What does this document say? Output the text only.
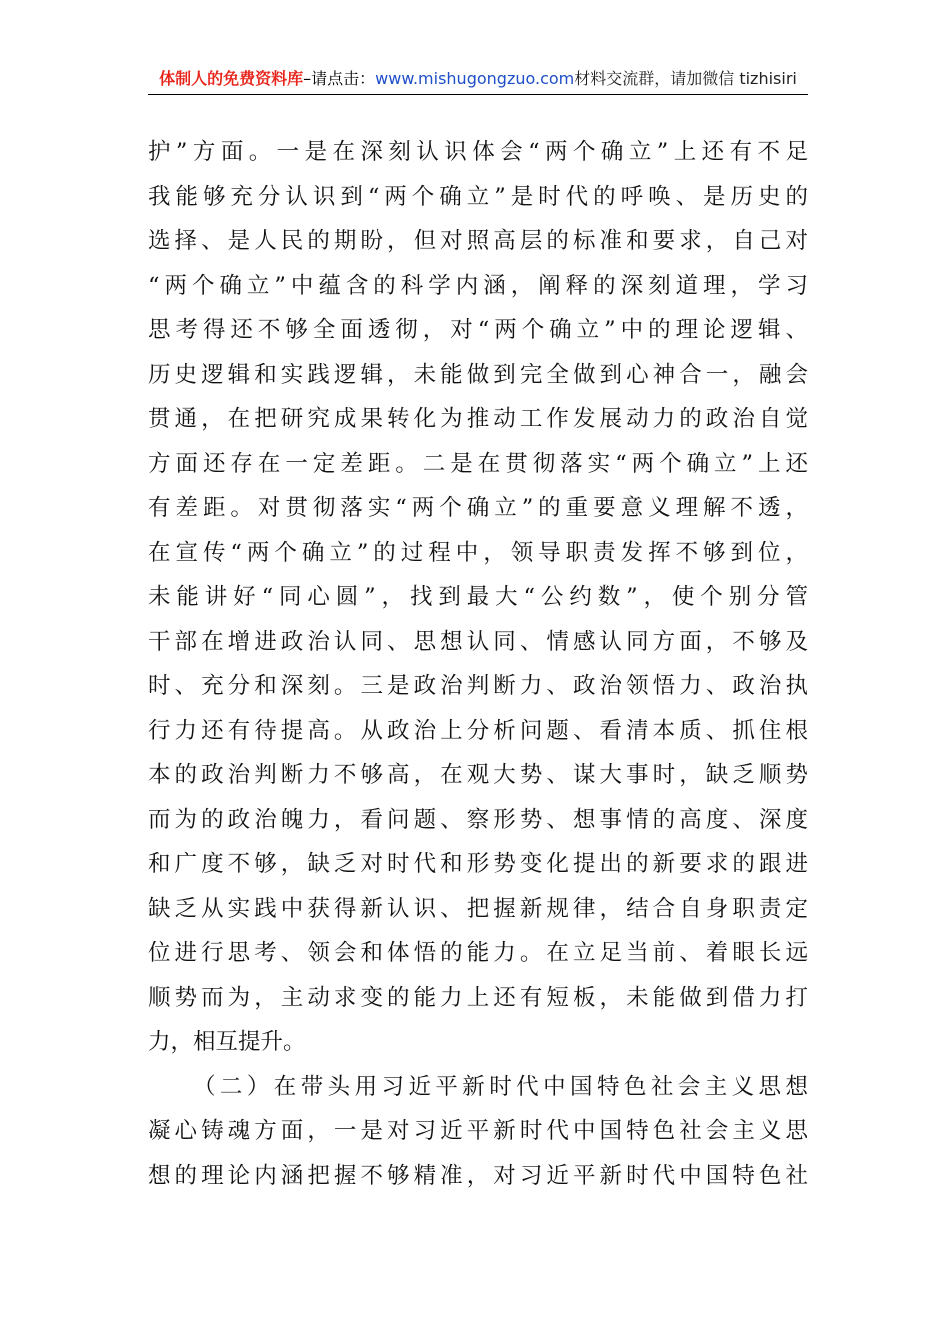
体制人的免费资料库–请点击：www.mishugongzuo.com材料交流群，请加微信 tizhisiri
护”方面。一是在深刻认识体会“两个确立”上还有不足
我能够充分认识到“两个确立”是时代的呼唤、是历史的
选择、是人民的期盼，但对照高层的标准和要求，自己对
“两个确立”中蕴含的科学内涵，阐释的深刻道理，学习
思考得还不够全面透彻，对“两个确立”中的理论逻辑、
历史逻辑和实践逻辑，未能做到完全做到心神合一，融会
贯通，在把研究成果转化为推动工作发展动力的政治自觉
方面还存在一定差距。二是在贯彻落实“两个确立”上还
有差距。对贯彻落实“两个确立”的重要意义理解不透，
在宣传“两个确立”的过程中，领导职责发挥不够到位，
未能讲好“同心圆”，找到最大“公约数”，使个别分管
干部在增进政治认同、思想认同、情感认同方面，不够及
时、充分和深刻。三是政治判断力、政治领悟力、政治执
行力还有待提高。从政治上分析问题、看清本质、抓住根
本的政治判断力不够高，在观大势、谋大事时，缺乏顺势
而为的政治魄力，看问题、察形势、想事情的高度、深度
和广度不够，缺乏对时代和形势变化提出的新要求的跟进
缺乏从实践中获得新认识、把握新规律，结合自身职责定
位进行思考、领会和体悟的能力。在立足当前、着眼长远
顺势而为，主动求变的能力上还有短板，未能做到借力打
力，相互提升。
（二）在带头用习近平新时代中国特色社会主义思想
凝心铸魂方面，一是对习近平新时代中国特色社会主义思
想的理论内涵把握不够精准，对习近平新时代中国特色社
